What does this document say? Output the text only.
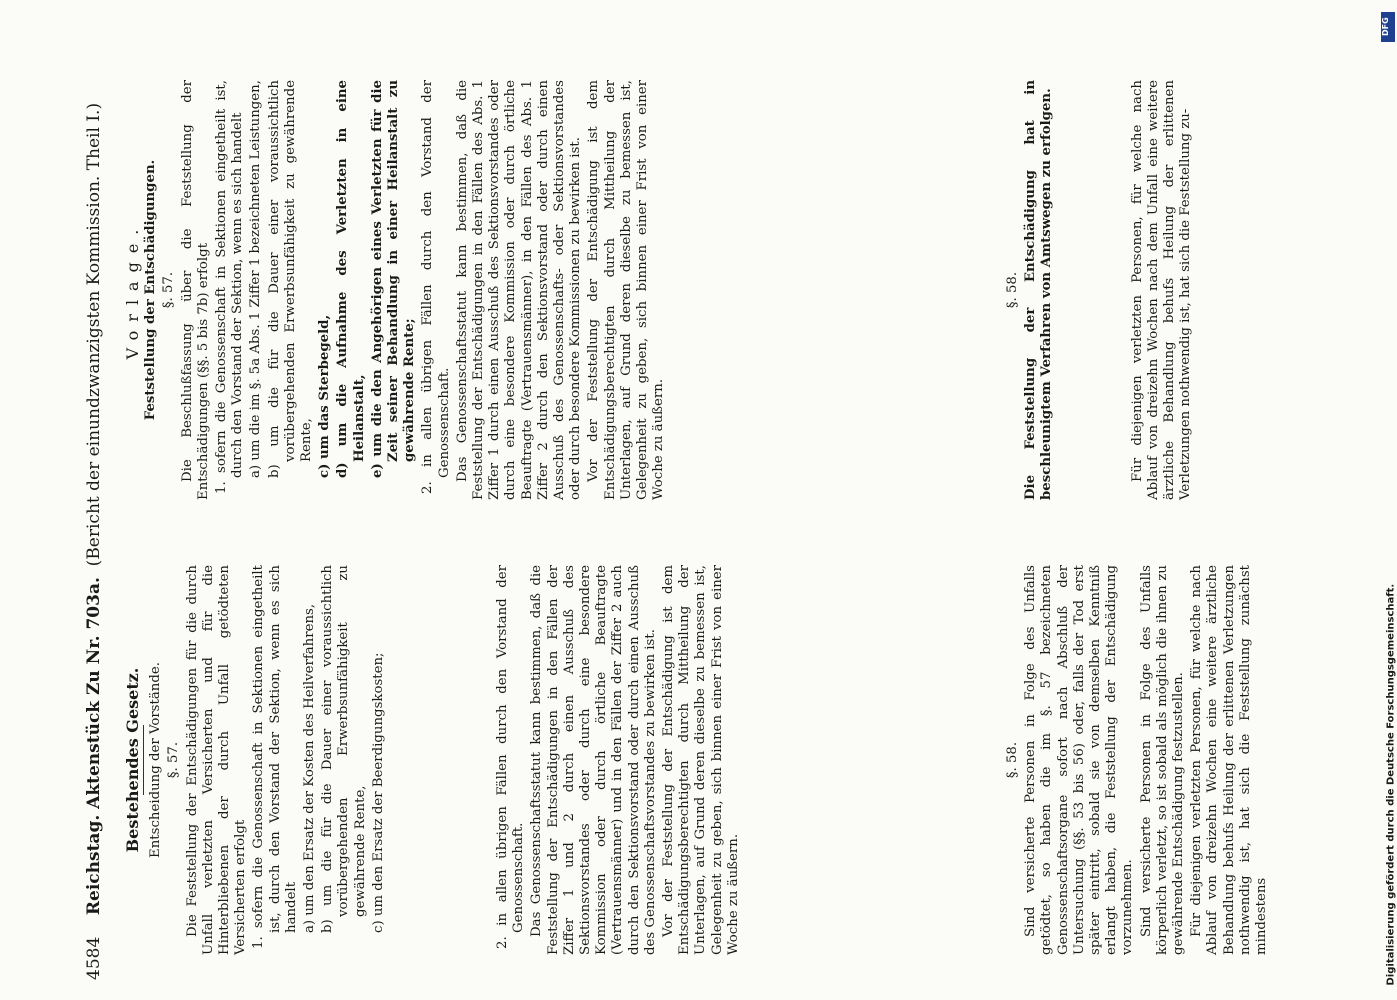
4584    Reichstag. Aktenstück Zu Nr. 703a.  (Bericht der einundzwanzigsten Kommission. Theil I.)

Bestehendes Gesetz. Entscheidung der Vorstände. §. 57. Die Feststellung der Entschädigungen für die durch Unfall verletzten Versicherten und für die Hinterbliebenen der durch Unfall getödteten Versicherten erfolgt 1. sofern die Genossenschaft in Sektionen eingetheilt ist, durch den Vorstand der Sektion, wenn es sich handelt a) um den Ersatz der Kosten des Heilverfahrens, b) um die für die Dauer einer voraussichtlich vorübergehenden Erwerbsunfähigkeit zu gewährende Rente, c) um den Ersatz der Beerdigungskosten;	2. in allen übrigen Fällen durch den Vorstand der Genossenschaft. Das Genossenschaftsstatut kann bestimmen, daß die Feststellung der Entschädigungen in den Fällen der Ziffer 1 und 2 durch einen Ausschuß des Sektionsvorstandes oder durch eine besondere Kommission oder durch örtliche Beauftragte (Vertrauensmänner) und in den Fällen der Ziffer 2 auch durch den Sektionsvorstand oder durch einen Ausschuß des Genossenschaftsvorstandes zu bewirken ist. Vor der Feststellung der Entschädigung ist dem Entschädigungsberechtigten durch Mittheilung der Unterlagen, auf Grund deren dieselbe zu bemessen ist, Gelegenheit zu geben, sich binnen einer Frist von einer Woche zu äußern.

§. 58. Sind versicherte Personen in Folge des Unfalls getödtet, so haben die im §. 57 bezeichneten Genossenschaftsorgane sofort nach Abschluß der Untersuchung (§§. 53 bis 56) oder, falls der Tod erst später eintritt, sobald sie von demselben Kenntniß erlangt haben, die Feststellung der Entschädigung vorzunehmen. Sind versicherte Personen in Folge des Unfalls körperlich verletzt, so ist sobald als möglich die ihnen zu gewährende Entschädigung festzustellen. Für diejenigen verletzten Personen, für welche nach Ablauf von dreizehn Wochen eine weitere ärztliche Behandlung behufs Heilung der erlittenen Verletzungen nothwendig ist, hat sich die Feststellung zunächst mindestens

Vorlage. Feststellung der Entschädigungen. §. 57. Die Beschlußfassung über die Feststellung der Entschädigungen (§§. 5 bis 7b) erfolgt 1. sofern die Genossenschaft in Sektionen eingetheilt ist, durch den Vorstand der Sektion, wenn es sich handelt a) um die im §. 5a Abs. 1 Ziffer 1 bezeichneten Leistungen, b) um die für die Dauer einer voraussichtlich vorübergehenden Erwerbsunfähigkeit zu gewährende Rente, c) um das Sterbegeld, d) um die Aufnahme des Verletzten in eine Heilanstalt, e) um die den Angehörigen eines Verletzten für die Zeit seiner Behandlung in einer Heilanstalt zu gewährende Rente; 2. in allen übrigen Fällen durch den Vorstand der Genossenschaft. Das Genossenschaftsstatut kann bestimmen, daß die Feststellung der Entschädigungen in den Fällen des Abs. 1 Ziffer 1 durch einen Ausschuß des Sektionsvorstandes oder durch eine besondere Kommission oder durch örtliche Beauftragte (Vertrauensmänner), in den Fällen des Abs. 1 Ziffer 2 durch den Sektionsvorstand oder durch einen Ausschuß des Genossenschafts- oder Sektionsvorstandes oder durch besondere Kommissionen zu bewirken ist. Vor der Feststellung der Entschädigung ist dem Entschädigungsberechtigten durch Mittheilung der Unterlagen, auf Grund deren dieselbe zu bemessen ist, Gelegenheit zu geben, sich binnen einer Frist von einer Woche zu äußern.

§. 58. Die Feststellung der Entschädigung hat in beschleunigtem Verfahren von Amtswegen zu erfolgen.	Für diejenigen verletzten Personen, für welche nach Ablauf von dreizehn Wochen nach dem Unfall eine weitere ärztliche Behandlung behufs Heilung der erlittenen Verletzungen nothwendig ist, hat sich die Feststellung zu-

DFG
Digitalisierung gefördert durch die Deutsche Forschungsgemeinschaft.
